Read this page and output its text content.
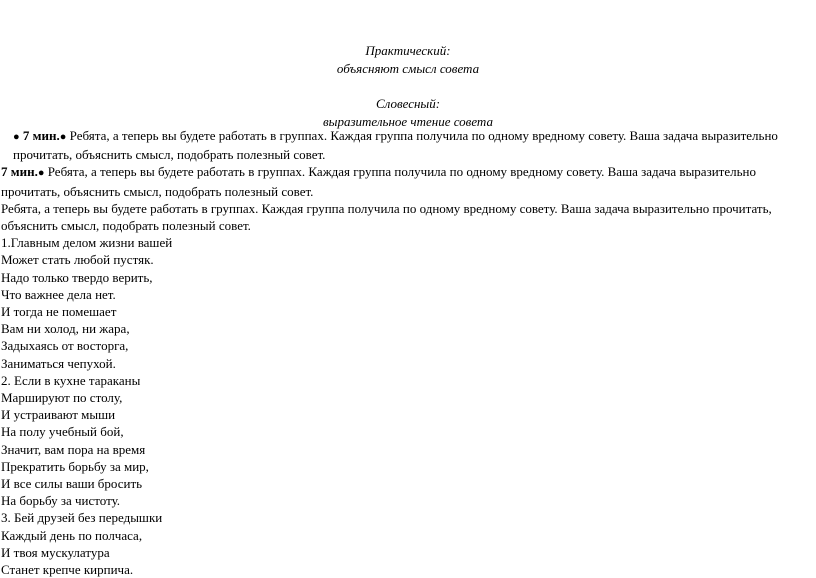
Практический:
объясняют смысл совета
Словесный:
выразительное чтение совета

● 7 мин.● Ребята, а теперь вы будете работать в группах. Каждая группа получила по одному вредному совету. Ваша задача выразительно прочитать, объяснить смысл, подобрать полезный совет.

7 мин.● Ребята, а теперь вы будете работать в группах. Каждая группа получила по одному вредному совету. Ваша задача выразительно прочитать, объяснить смысл, подобрать полезный совет.

Ребята, а теперь вы будете работать в группах. Каждая группа получила по одному вредному совету. Ваша задача выразительно прочитать, объяснить смысл, подобрать полезный совет.

1.Главным делом жизни вашей

Может стать любой пустяк.

Надо только твердо верить,

Что важнее дела нет.

И тогда не помешает

Вам ни холод, ни жара,

Задыхаясь от восторга,

Заниматься чепухой.

2. Если в кухне тараканы

Маршируют по столу,

И устраивают мыши

На полу учебный бой,

Значит, вам пора на время

Прекратить борьбу за мир,

И все силы ваши бросить

На борьбу за чистоту.

3. Бей друзей без передышки

Каждый день по полчаса,

И твоя мускулатура

Станет крепче кирпича.
